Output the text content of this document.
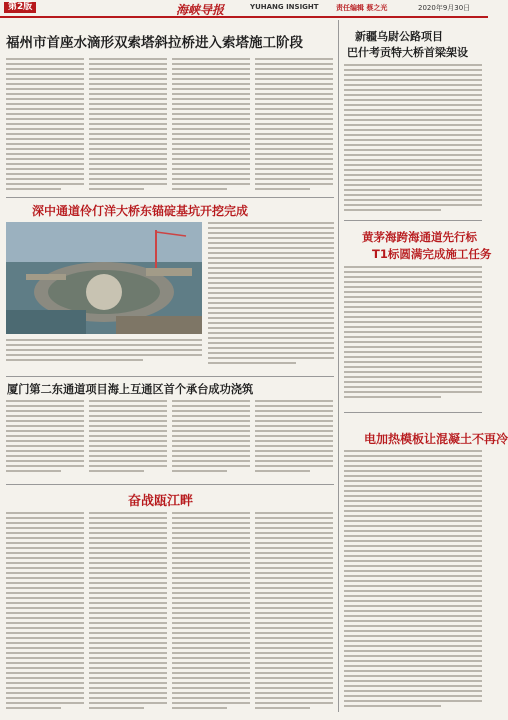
第2版	海峡导报	YUHANG INSIGHT 责任编辑 蔡之光	2020年9月30日
福州市首座水滴形双索塔斜拉桥进入索塔施工阶段	新疆乌尉公路项目
巴什考贡特大桥首梁架设
深中通道伶仃洋大桥东锚碇基坑开挖完成
黄茅海跨海通道先行标
T1标圆满完成施工任务
厦门第二东通道项目海上互通区首个承台成功浇筑
电加热模板让混凝土不再冷
奋战瓯江畔
